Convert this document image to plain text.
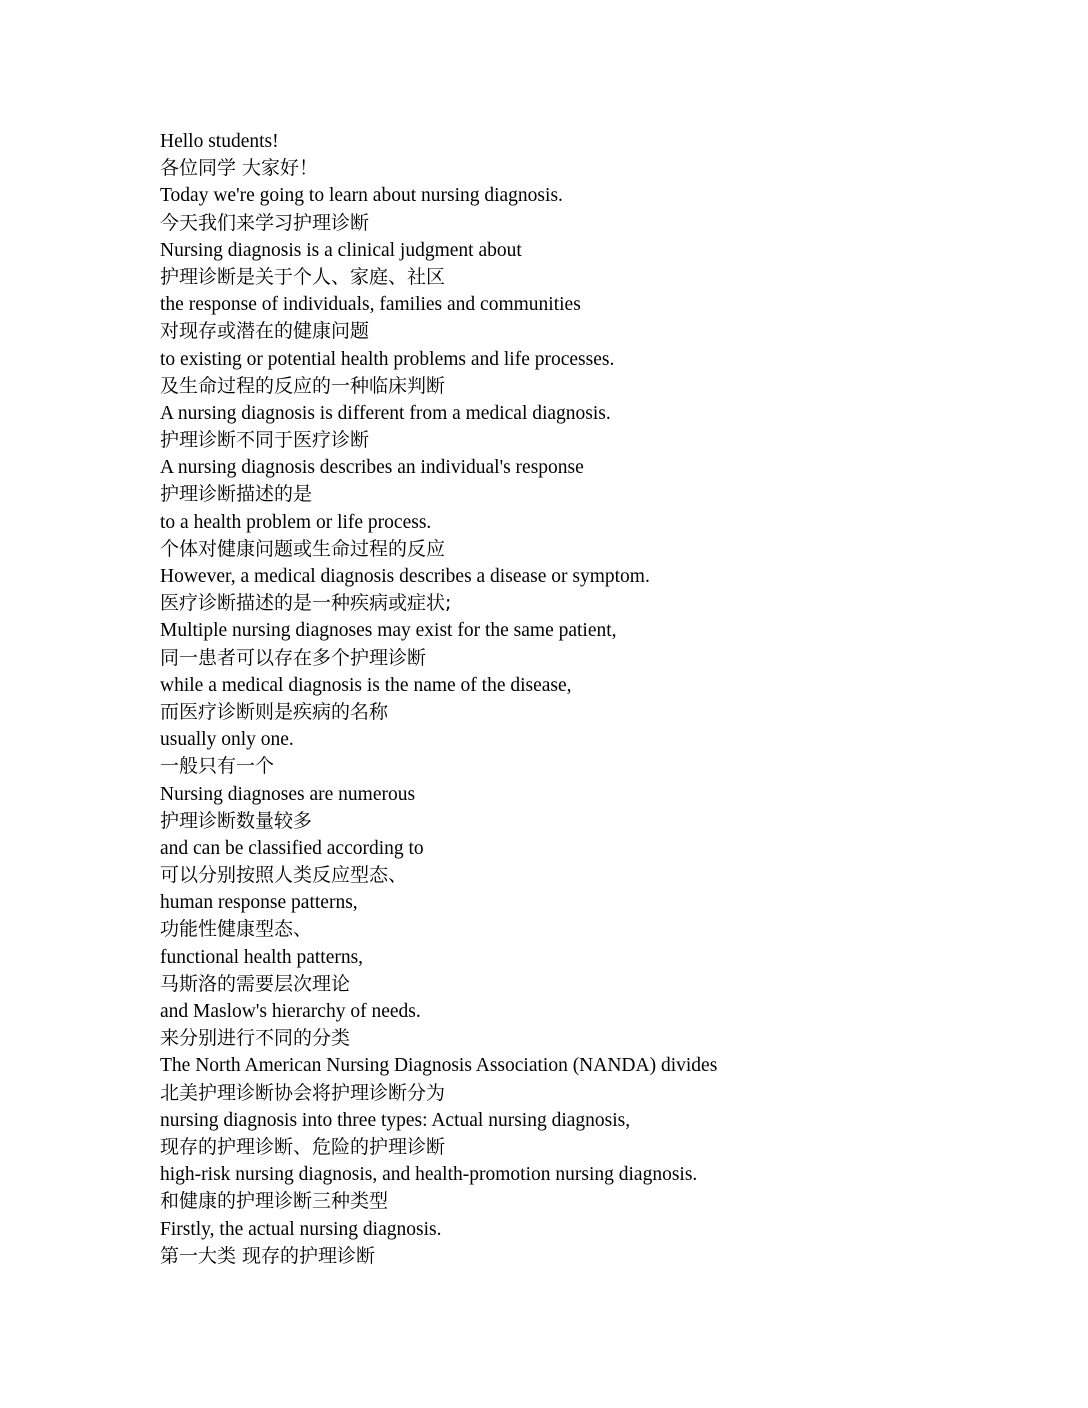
Hello students!
各位同学 大家好！
Today we're going to learn about nursing diagnosis.
今天我们来学习护理诊断
Nursing diagnosis is a clinical judgment about
护理诊断是关于个人、家庭、社区
the response of individuals, families and communities
对现存或潜在的健康问题
to existing or potential health problems and life processes.
及生命过程的反应的一种临床判断
A nursing diagnosis is different from a medical diagnosis.
护理诊断不同于医疗诊断
A nursing diagnosis describes an individual's response
护理诊断描述的是
to a health problem or life process.
个体对健康问题或生命过程的反应
However, a medical diagnosis describes a disease or symptom.
医疗诊断描述的是一种疾病或症状;
Multiple nursing diagnoses may exist for the same patient,
同一患者可以存在多个护理诊断
while a medical diagnosis is the name of the disease,
而医疗诊断则是疾病的名称
usually only one.
一般只有一个
Nursing diagnoses are numerous
护理诊断数量较多
and can be classified according to
可以分别按照人类反应型态、
human response patterns,
功能性健康型态、
functional health patterns,
马斯洛的需要层次理论
and Maslow's hierarchy of needs.
来分别进行不同的分类
The North American Nursing Diagnosis Association (NANDA) divides
北美护理诊断协会将护理诊断分为
nursing diagnosis into three types: Actual nursing diagnosis,
现存的护理诊断、危险的护理诊断
high-risk nursing diagnosis, and health-promotion nursing diagnosis.
和健康的护理诊断三种类型
Firstly, the actual nursing diagnosis.
第一大类 现存的护理诊断
